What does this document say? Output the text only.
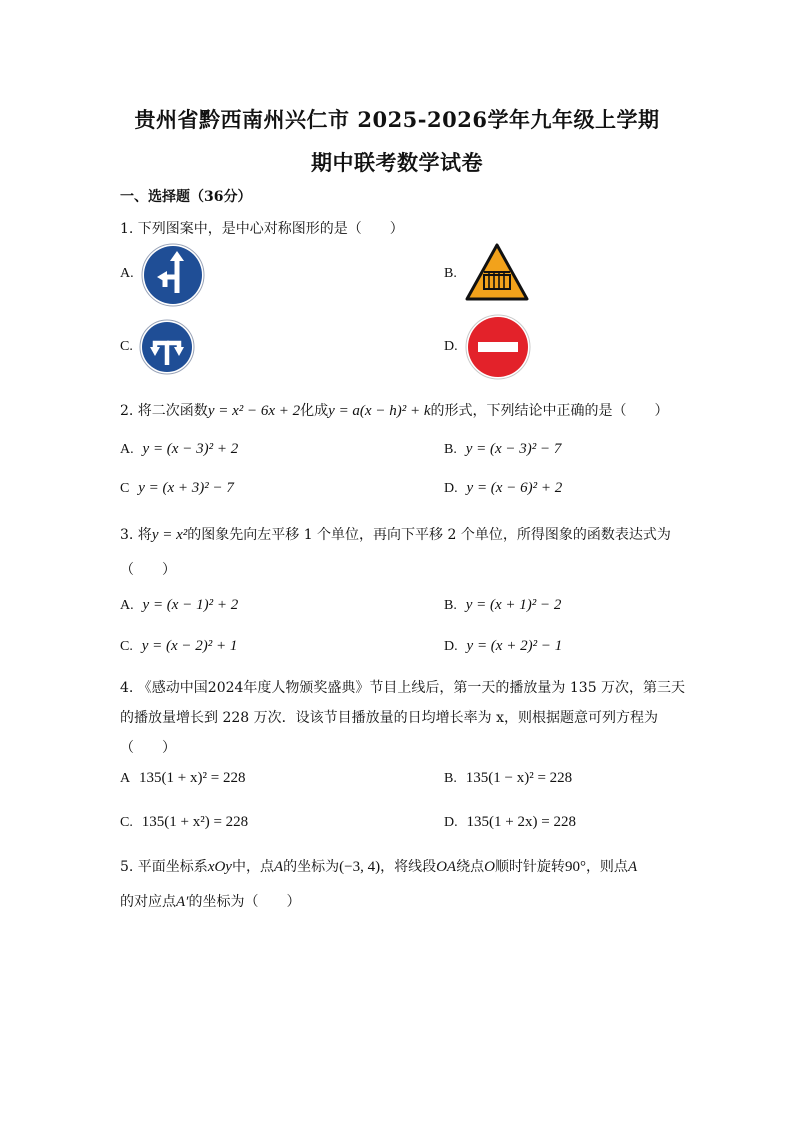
贵州省黔西南州兴仁市 2025-2026学年九年级上学期
期中联考数学试卷
一、选择题（36分）
1. 下列图案中，是中心对称图形的是（　　）
A.	B.
C.	D.
2. 将二次函数y = x² − 6x + 2化成y = a(x − h)² + k的形式，下列结论中正确的是（　　）
A. y = (x − 3)² + 2	B. y = (x − 3)² − 7
C y = (x + 3)² − 7	D. y = (x − 6)² + 2
3. 将y = x²的图象先向左平移 1 个单位，再向下平移 2 个单位，所得图象的函数表达式为
（　　）
A. y = (x − 1)² + 2	B. y = (x + 1)² − 2
C. y = (x − 2)² + 1	D. y = (x + 2)² − 1
4. 《感动中国2024年度人物颁奖盛典》节目上线后，第一天的播放量为 135 万次，第三天
的播放量增长到 228 万次．设该节目播放量的日均增长率为 x，则根据题意可列方程为
（　　）
A 135(1 + x)² = 228	B. 135(1 − x)² = 228
C. 135(1 + x²) = 228	D. 135(1 + 2x) = 228
5. 平面坐标系xOy中，点A的坐标为(−3, 4)，将线段OA绕点O顺时针旋转90°，则点A
的对应点A′的坐标为（　　）
